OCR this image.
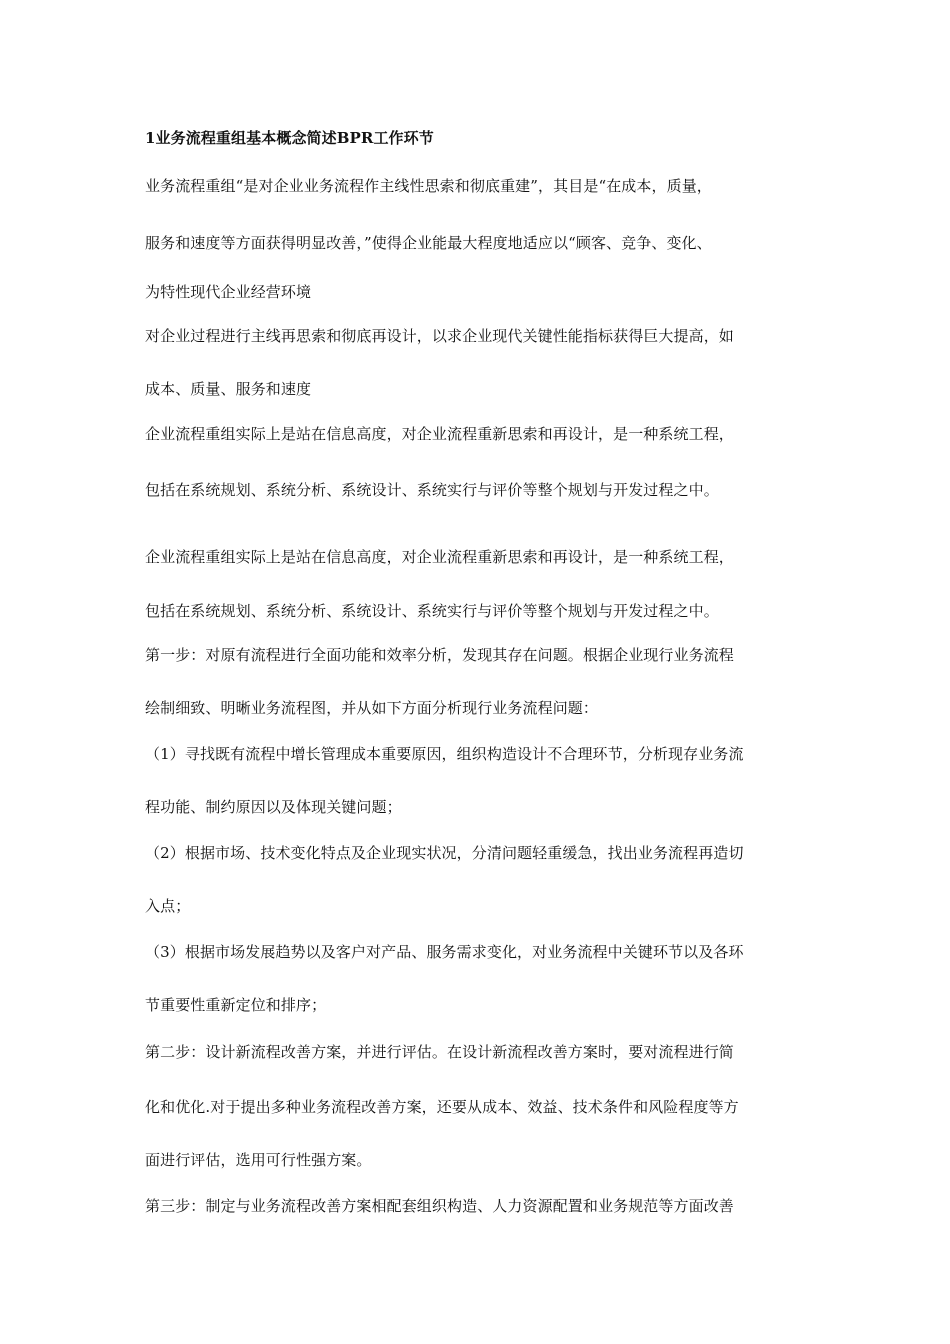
1业务流程重组基本概念简述BPR工作环节
业务流程重组“是对企业业务流程作主线性思索和彻底重建”，其目是“在成本，质量，
服务和速度等方面获得明显改善，”使得企业能最大程度地适应以“顾客、竞争、变化、
为特性现代企业经营环境
对企业过程进行主线再思索和彻底再设计，以求企业现代关键性能指标获得巨大提高，如
成本、质量、服务和速度
企业流程重组实际上是站在信息高度，对企业流程重新思索和再设计，是一种系统工程，
包括在系统规划、系统分析、系统设计、系统实行与评价等整个规划与开发过程之中。
企业流程重组实际上是站在信息高度，对企业流程重新思索和再设计，是一种系统工程，
包括在系统规划、系统分析、系统设计、系统实行与评价等整个规划与开发过程之中。
第一步：对原有流程进行全面功能和效率分析，发现其存在问题。根据企业现行业务流程
绘制细致、明晰业务流程图，并从如下方面分析现行业务流程问题：
（1）寻找既有流程中增长管理成本重要原因，组织构造设计不合理环节，分析现存业务流
程功能、制约原因以及体现关键问题；
（2）根据市场、技术变化特点及企业现实状况，分清问题轻重缓急，找出业务流程再造切
入点；
（3）根据市场发展趋势以及客户对产品、服务需求变化，对业务流程中关键环节以及各环
节重要性重新定位和排序；
第二步：设计新流程改善方案，并进行评估。在设计新流程改善方案时，要对流程进行简
化和优化.对于提出多种业务流程改善方案，还要从成本、效益、技术条件和风险程度等方
面进行评估，选用可行性强方案。
第三步：制定与业务流程改善方案相配套组织构造、人力资源配置和业务规范等方面改善
